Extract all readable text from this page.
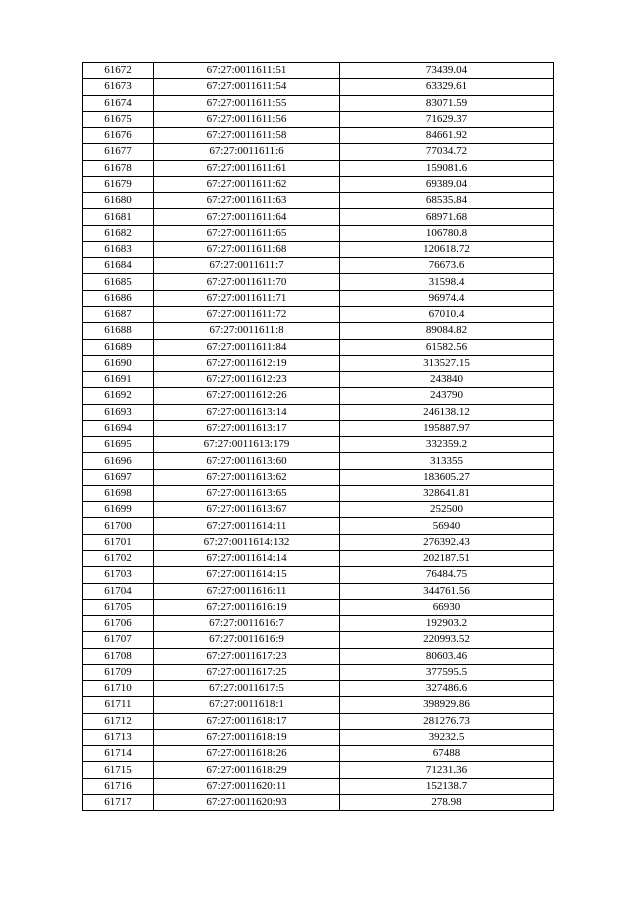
61672	67:27:0011611:51	73439.04
61673	67:27:0011611:54	63329.61
61674	67:27:0011611:55	83071.59
61675	67:27:0011611:56	71629.37
61676	67:27:0011611:58	84661.92
61677	67:27:0011611:6	77034.72
61678	67:27:0011611:61	159081.6
61679	67:27:0011611:62	69389.04
61680	67:27:0011611:63	68535.84
61681	67:27:0011611:64	68971.68
61682	67:27:0011611:65	106780.8
61683	67:27:0011611:68	120618.72
61684	67:27:0011611:7	76673.6
61685	67:27:0011611:70	31598.4
61686	67:27:0011611:71	96974.4
61687	67:27:0011611:72	67010.4
61688	67:27:0011611:8	89084.82
61689	67:27:0011611:84	61582.56
61690	67:27:0011612:19	313527.15
61691	67:27:0011612:23	243840
61692	67:27:0011612:26	243790
61693	67:27:0011613:14	246138.12
61694	67:27:0011613:17	195887.97
61695	67:27:0011613:179	332359.2
61696	67:27:0011613:60	313355
61697	67:27:0011613:62	183605.27
61698	67:27:0011613:65	328641.81
61699	67:27:0011613:67	252500
61700	67:27:0011614:11	56940
61701	67:27:0011614:132	276392.43
61702	67:27:0011614:14	202187.51
61703	67:27:0011614:15	76484.75
61704	67:27:0011616:11	344761.56
61705	67:27:0011616:19	66930
61706	67:27:0011616:7	192903.2
61707	67:27:0011616:9	220993.52
61708	67:27:0011617:23	80603.46
61709	67:27:0011617:25	377595.5
61710	67:27:0011617:5	327486.6
61711	67:27:0011618:1	398929.86
61712	67:27:0011618:17	281276.73
61713	67:27:0011618:19	39232.5
61714	67:27:0011618:26	67488
61715	67:27:0011618:29	71231.36
61716	67:27:0011620:11	152138.7
61717	67:27:0011620:93	278.98
